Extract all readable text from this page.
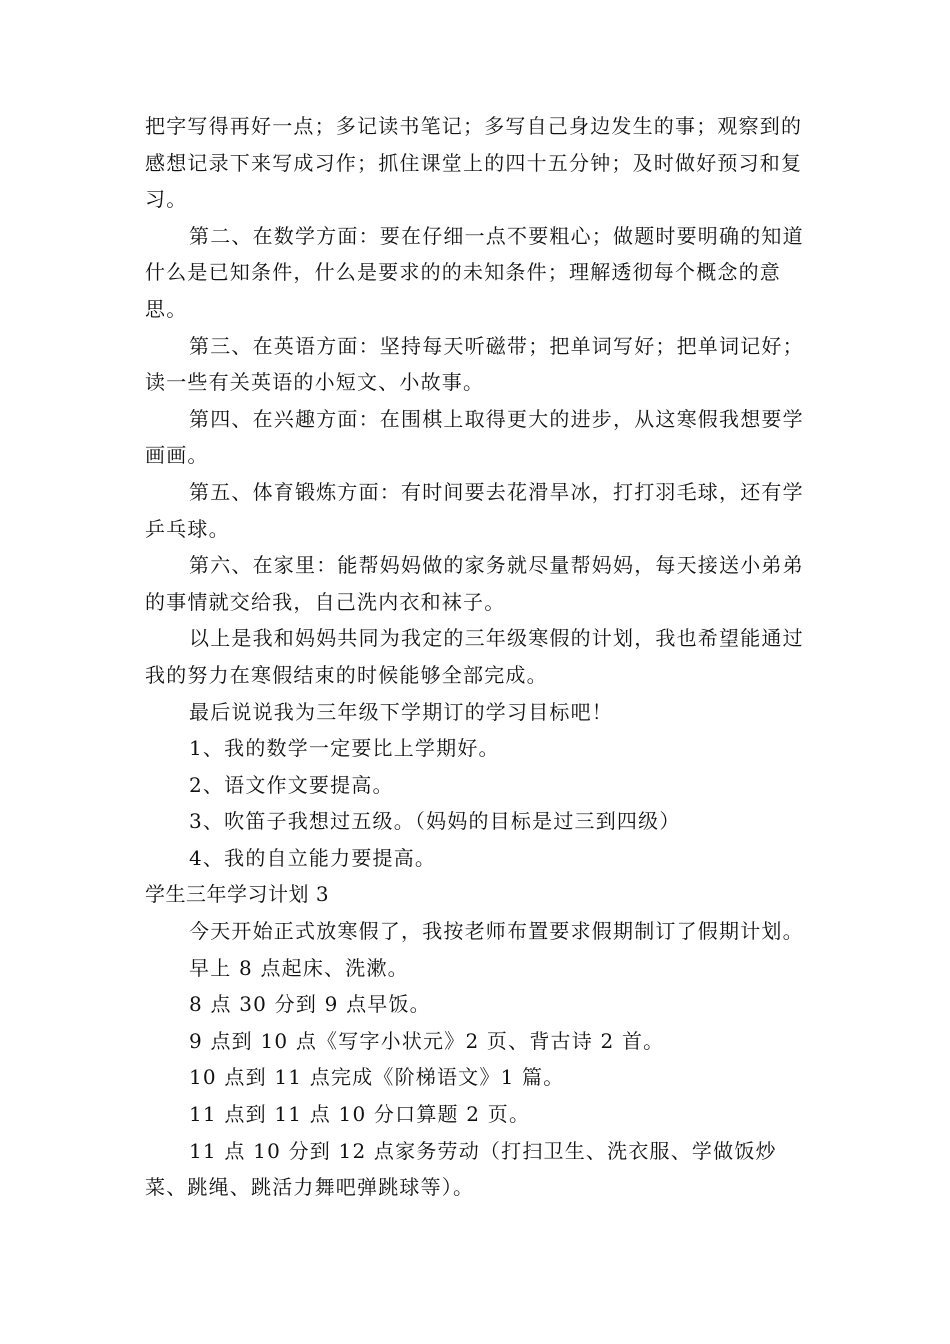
把字写得再好一点；多记读书笔记；多写自己身边发生的事；观察到的感想记录下来写成习作；抓住课堂上的四十五分钟；及时做好预习和复习。

第二、在数学方面：要在仔细一点不要粗心；做题时要明确的知道什么是已知条件，什么是要求的的未知条件；理解透彻每个概念的意思。

第三、在英语方面：坚持每天听磁带；把单词写好；把单词记好；读一些有关英语的小短文、小故事。

第四、在兴趣方面：在围棋上取得更大的进步，从这寒假我想要学画画。

第五、体育锻炼方面：有时间要去花滑旱冰，打打羽毛球，还有学乒乓球。

第六、在家里：能帮妈妈做的家务就尽量帮妈妈，每天接送小弟弟的事情就交给我，自己洗内衣和袜子。

以上是我和妈妈共同为我定的三年级寒假的计划，我也希望能通过我的努力在寒假结束的时候能够全部完成。

最后说说我为三年级下学期订的学习目标吧！

1、我的数学一定要比上学期好。

2、语文作文要提高。

3、吹笛子我想过五级。（妈妈的目标是过三到四级）

4、我的自立能力要提高。

学生三年学习计划 3

今天开始正式放寒假了，我按老师布置要求假期制订了假期计划。

早上 8 点起床、洗漱。

8 点 30 分到 9 点早饭。

9 点到 10 点《写字小状元》2 页、背古诗 2 首。

10 点到 11 点完成《阶梯语文》1 篇。

11 点到 11 点 10 分口算题 2 页。

11 点 10 分到 12 点家务劳动（打扫卫生、洗衣服、学做饭炒菜、跳绳、跳活力舞吧弹跳球等）。
